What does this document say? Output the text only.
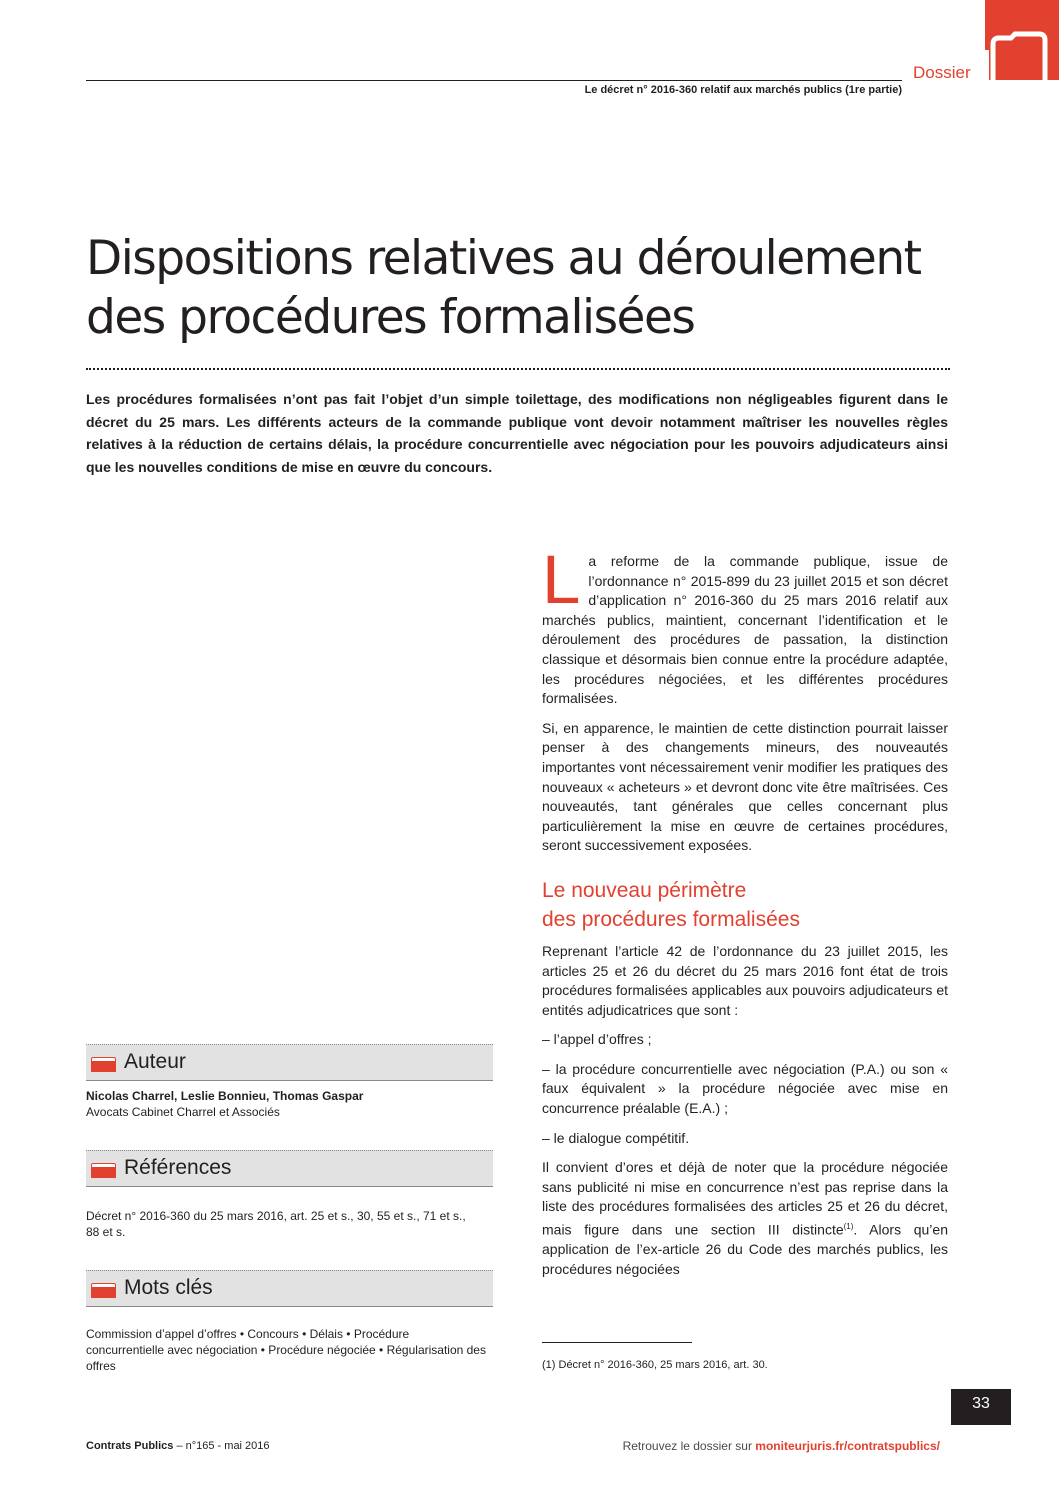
Dossier
Le décret n° 2016-360 relatif aux marchés publics (1re partie)
Dispositions relatives au déroulement des procédures formalisées

Les procédures formalisées n’ont pas fait l’objet d’un simple toilettage, des modifications non négligeables figurent dans le décret du 25 mars. Les différents acteurs de la commande publique vont devoir notamment maîtriser les nouvelles règles relatives à la réduction de certains délais, la procédure concurrentielle avec négociation pour les pouvoirs adjudicateurs ainsi que les nouvelles conditions de mise en œuvre du concours.

La reforme de la commande publique, issue de l’ordonnance n° 2015-899 du 23 juillet 2015 et son décret d’application n° 2016-360 du 25 mars 2016 relatif aux marchés publics, maintient, concernant l’identification et le déroulement des procédures de passation, la distinction classique et désormais bien connue entre la procédure adaptée, les procédures négociées, et les différentes procédures formalisées.

Si, en apparence, le maintien de cette distinction pourrait laisser penser à des changements mineurs, des nouveautés importantes vont nécessairement venir modifier les pratiques des nouveaux « acheteurs » et devront donc vite être maîtrisées. Ces nouveautés, tant générales que celles concernant plus particulièrement la mise en œuvre de certaines procédures, seront successivement exposées.

Le nouveau périmètre
des procédures formalisées

Reprenant l’article 42 de l’ordonnance du 23 juillet 2015, les articles 25 et 26 du décret du 25 mars 2016 font état de trois procédures formalisées applicables aux pouvoirs adjudicateurs et entités adjudicatrices que sont :

– l’appel d’offres ;

– la procédure concurrentielle avec négociation (P.A.) ou son « faux équivalent » la procédure négociée avec mise en concurrence préalable (E.A.) ;

– le dialogue compétitif.

Il convient d’ores et déjà de noter que la procédure négociée sans publicité ni mise en concurrence n’est pas reprise dans la liste des procédures formalisées des articles 25 et 26 du décret, mais figure dans une section III distincte$^{(1)}$. Alors qu’en application de l’ex-article 26 du Code des marchés publics, les procédures négociées

(1) Décret n° 2016-360, 25 mars 2016, art. 30.
Auteur
Nicolas Charrel, Leslie Bonnieu, Thomas Gaspar
Avocats Cabinet Charrel et Associés
Références
Décret n° 2016-360 du 25 mars 2016, art. 25 et s., 30, 55 et s., 71 et s., 88 et s.
Mots clés
Commission d’appel d’offres • Concours • Délais • Procédure concurrentielle avec négociation • Procédure négociée • Régularisation des offres
Contrats Publics – n°165 - mai 2016	Retrouvez le dossier sur moniteurjuris.fr/contratspublics/
33
